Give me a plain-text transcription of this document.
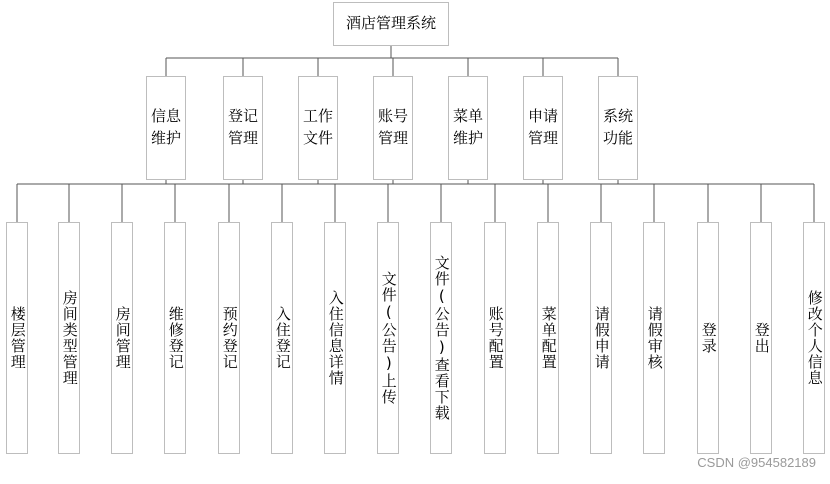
酒店管理系统
信息
维护
登记
管理
工作
文件
账号
管理
菜单
维护
申请
管理
系统
功能
楼层管理 房间类型管理 房间管理 维修登记 预约登记 入住登记 入住信息详情 文件(公告)上传 文件(公告)查看下载 账号配置 菜单配置 请假申请 请假审核 登录 登出 修改个人信息
CSDN @954582189
